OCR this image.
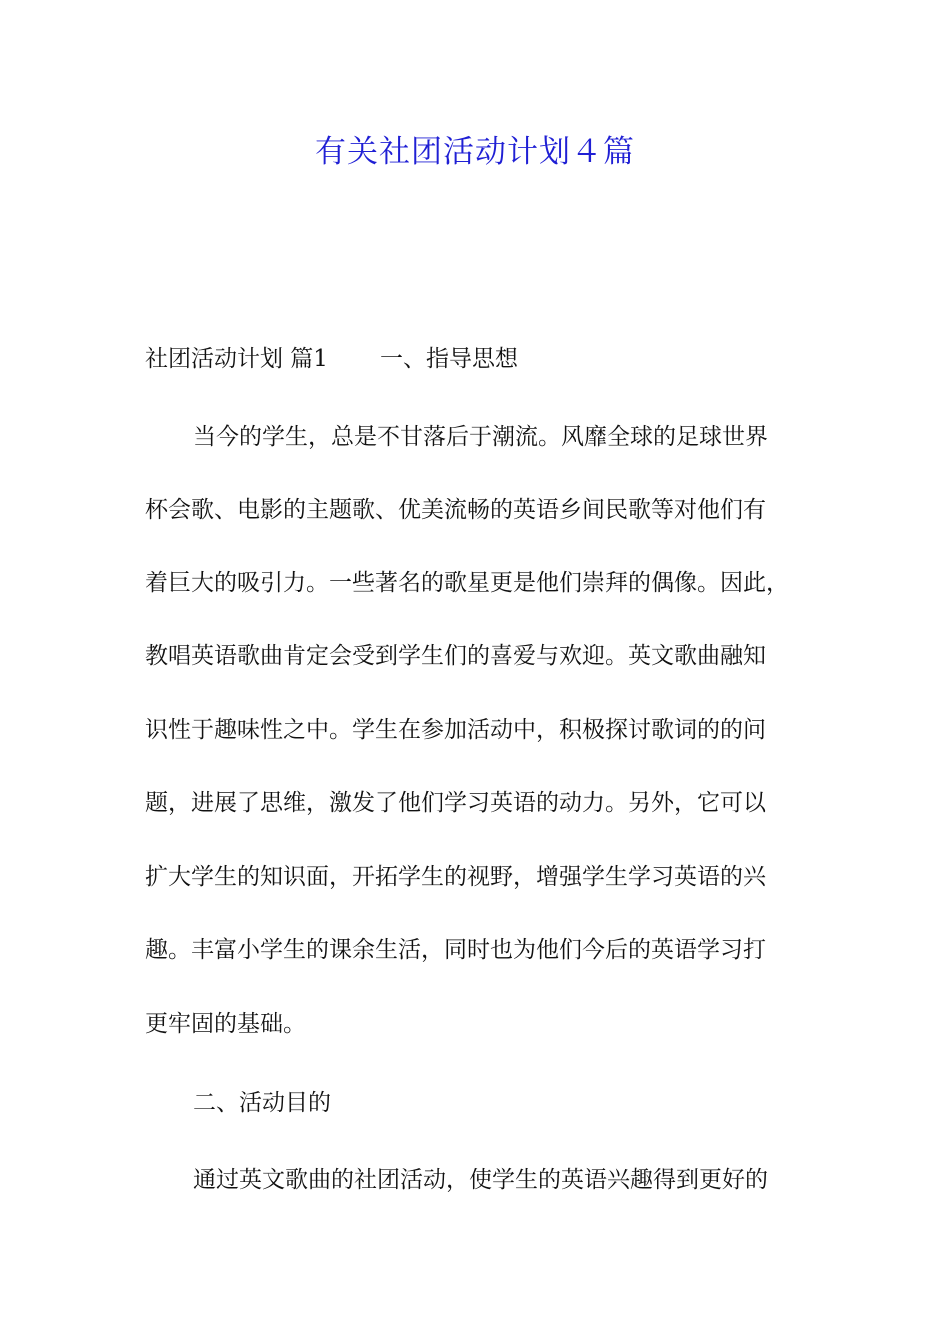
有关社团活动计划４篇

社团活动计划 篇1 一、指导思想

当今的学生，总是不甘落后于潮流。风靡全球的足球世界

杯会歌、电影的主题歌、优美流畅的英语乡间民歌等对他们有

着巨大的吸引力。一些著名的歌星更是他们崇拜的偶像。因此，

教唱英语歌曲肯定会受到学生们的喜爱与欢迎。英文歌曲融知

识性于趣味性之中。学生在参加活动中，积极探讨歌词的的问

题，进展了思维，激发了他们学习英语的动力。另外，它可以

扩大学生的知识面，开拓学生的视野，增强学生学习英语的兴

趣。丰富小学生的课余生活，同时也为他们今后的英语学习打

更牢固的基础。

二、活动目的

通过英文歌曲的社团活动，使学生的英语兴趣得到更好的
